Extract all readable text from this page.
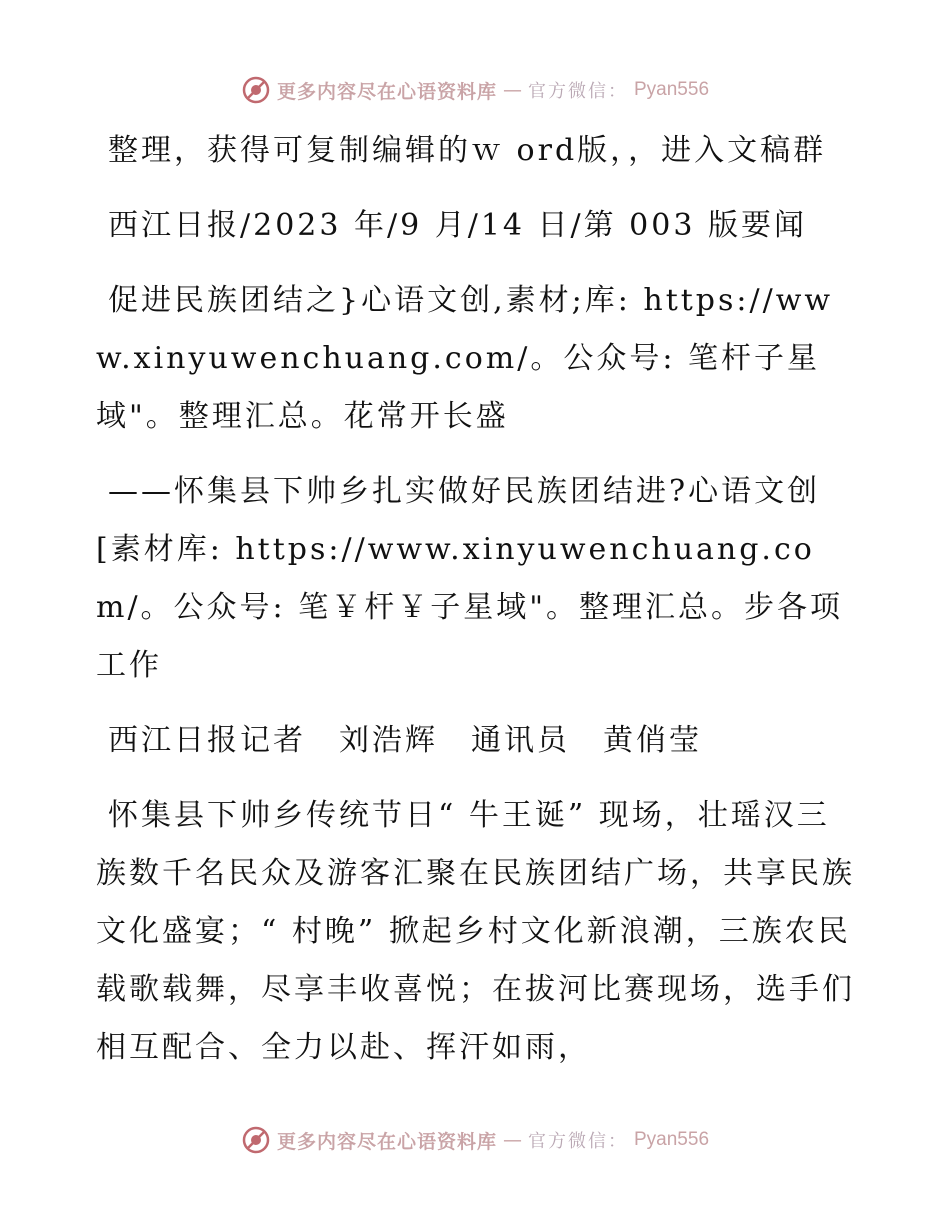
更多内容尽在心语资料库 — 官方微信： Pyan556

整理，获得可复制编辑的ｗ ord版，，进入文稿群

西江日报/2023 年/9 月/14 日/第 003 版要闻

促进民族团结之}心语文创,素材;库: https://www.xinyuwenchuang.com/。公众号: 笔杆子星域"。整理汇总。花常开长盛

——怀集县下帅乡扎实做好民族团结进?心语文创[素材库: https://www.xinyuwenchuang.com/。公众号: 笔￥杆￥子星域"。整理汇总。步各项工作

西江日报记者　刘浩辉　通讯员　黄俏莹

怀集县下帅乡传统节日“ 牛王诞” 现场，壮瑶汉三族数千名民众及游客汇聚在民族团结广场，共享民族文化盛宴；“ 村晚” 掀起乡村文化新浪潮，三族农民载歌载舞，尽享丰收喜悦；在拔河比赛现场，选手们相互配合、全力以赴、挥汗如雨，

更多内容尽在心语资料库 — 官方微信： Pyan556
